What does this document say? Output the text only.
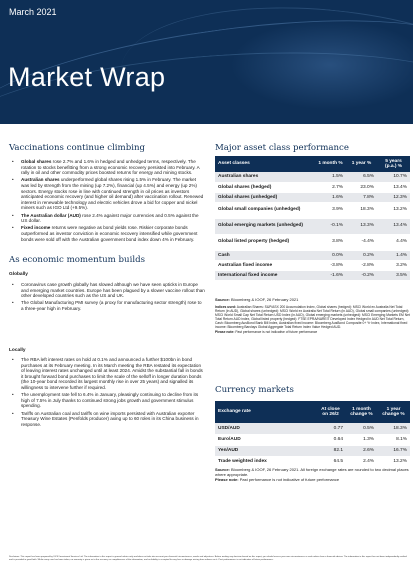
March 2021
Market Wrap
Vaccinations continue climbing
• Global shares rose 2.7% and 1.6% in hedged and unhedged terms, respectively. The rotation to stocks benefitting from a strong economic recovery persisted into February. A rally in oil and other commodity prices boosted returns for energy and mining stocks.
• Australian shares underperformed global shares rising 1.5% in February. The market was led by strength from the mining (up 7.2%), financial (up 4.5%) and energy (up 2%) sectors. Energy stocks rose in line with continued strength in oil prices as investors anticipated economic recovery (and higher oil demand) after vaccination rollout. Renewed interest in renewable technology and electric vehicles drove a bid for copper and nickel miners such as IGO Ltd (+9.5%).
• The Australian dollar (AUD) rose 2.4% against major currencies and 0.5% against the US dollar.
• Fixed income returns were negative as bond yields rose. Riskier corporate bonds outperformed as investor conviction in economic recovery intensified while government bonds were sold off with the Australian government bond index down 4% in February.
As economic momentum builds
Globally
• Coronavirus case growth globally has slowed although we have seen upticks in Europe and emerging market countries. Europe has been plagued by a slower vaccine rollout than other developed countries such as the US and UK.
• The Global Manufacturing PMI survey (a proxy for manufacturing sector strength) rose to a three-year high in February.
Locally
• The RBA left interest rates on hold at 0.1% and announced a further $100bn in bond purchases at its February meeting. In its March meeting the RBA restated its expectation of leaving interest rates unchanged until at least 2024. Amidst the substantial fall in bonds it brought forward bond purchases to limit the scale of the selloff in longer duration bonds (the 10-year bond recorded its largest monthly rise in over 25 years) and signalled its willingness to intervene further if required.
• The unemployment rate fell to 6.4% in January, pleasingly continuing to decline from its high of 7.5% in July thanks to continued strong jobs growth and government stimulus spending.
• Tariffs on Australian coal and tariffs on wine imports persisted with Australian exporter Treasury Wine Estates (Penfolds producer) axing up to 60 roles in its China business in response.
Major asset class performance
Asset classes	1 month %	1 year %	5 years (p.a.) %
Australian shares	1.5%	6.5%	10.7%
Global shares (hedged)	2.7%	23.0%	13.4%
Global shares (unhedged)	1.6%	7.8%	12.3%
Global small companies (unhedged)	3.9%	18.3%	13.2%
Global emerging markets (unhedged)	-0.1%	13.3%	13.4%
Global listed property (hedged)	3.8%	-4.4%	4.4%
Cash	0.0%	0.2%	1.4%
Australian fixed income	-3.8%	-2.8%	3.2%
International fixed income	-1.6%	-0.2%	3.5%
Source: Bloomberg & IOOF, 26 February 2021
Indices used: Australian Shares: S&P/ASX 200 Accumulation Index, Global shares (hedged): MSCI World ex Australia Net Total Return (in AUD), Global shares (unhedged): MSCI World ex Australia Net Total Return (in AUD), Global small companies (unhedged): MSCI World Small Cap Net Total Return USD Index (in AUD), Global emerging markets (unhedged): MSCI Emerging Markets EM Net Total Return AUD index, Global listed property (hedged): FTSE EPRA/NAREIT Developed Index Hedged in AUD Net Total Return, Cash: Bloomberg AusBond Bank Bill Index, Australian fixed income: Bloomberg AusBond Composite 0+ Yr Index, International fixed income: Bloomberg Barclays Global Aggregate Total Return Index Value Hedged AUD.
Please note: Past performance is not indicative of future performance
Currency markets
Exchange rate	At close on 26/2	1 month change %	1 year change %
USD/AUD	0.77	0.5%	18.3%
Euro/AUD	0.64	1.3%	8.1%
Yen/AUD	82.1	2.6%	16.7%
Trade weighted index	64.5	2.4%	13.2%
Source: Bloomberg & IOOF, 26 February 2021. All foreign exchange rates are rounded to two decimal places where appropriate.
Please note: Past performance is not indicative of future performance
Disclaimer: This report has been prepared by IOOF Investment Services Ltd. The information in this report is general advice only and does not take into account your financial circumstances, needs and objectives. Before making any decision based on this report, you should assess your own circumstances or seek advice from a financial adviser. The information in this report has not been independently verified and is provided in good faith. While every care has been taken, no warranty is given as to the accuracy or completeness of the information, and no liability is accepted for any loss or damage arising from reliance on it. Past performance is not indicative of future performance.
